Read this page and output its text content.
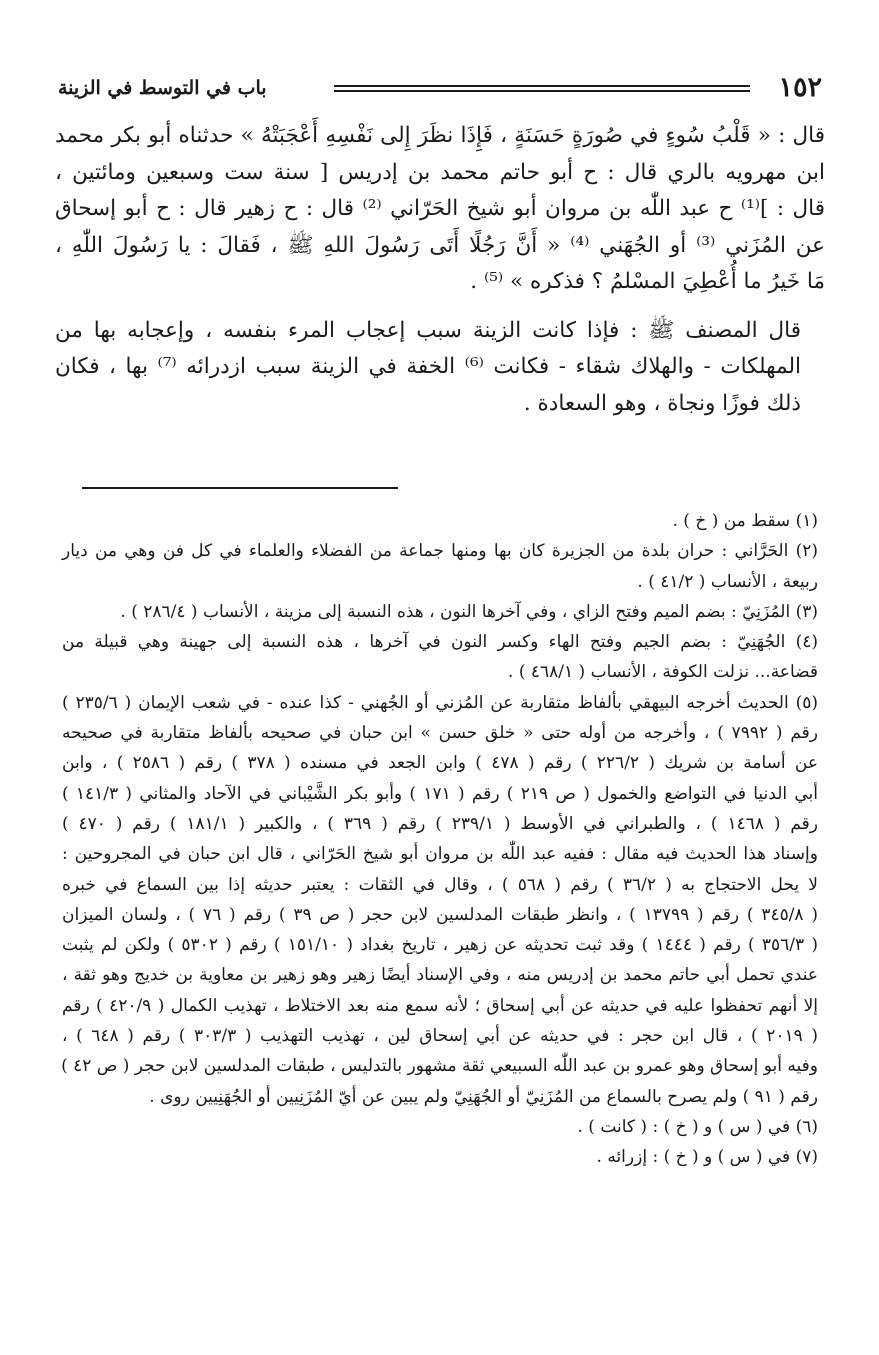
١٥٢
باب في التوسط في الزينة

قال : « قَلْبُ سُوءٍ في صُورَةٍ حَسَنَةٍ ، فَإِذَا نظَرَ إِلى نَفْسِهِ أَعْجَبَتْهُ » حدثناه أبو بكر محمد
ابن مهرويه بالري قال : ح أبو حاتم محمد بن إدريس [ سنة ست وسبعين ومائتين ،
قال : ]⁽¹⁾ ح عبد اللّٰه بن مروان أبو شيخ الحَرّاني ⁽²⁾ قال : ح زهير قال : ح أبو إسحاق
عن المُزَني ⁽³⁾ أو الجُهَني ⁽⁴⁾ « أَنَّ رَجُلًا أَتَى رَسُولَ اللهِ ﷺ ، فَقالَ : يا رَسُولَ اللّٰهِ ،
مَا خَيرُ ما أُعْطِيَ المسْلمُ ؟ فذكره » ⁽⁵⁾ .

قال المصنف ﷺ : فإذا كانت الزينة سبب إعجاب المرء بنفسه ، وإعجابه بها من
المهلكات - والهلاك شقاء - فكانت ⁽⁶⁾ الخفة في الزينة سبب ازدرائه ⁽⁷⁾ بها ، فكان
ذلك فوزًا ونجاة ، وهو السعادة .

(١) سقط من ( خ ) .

(٢) الحَرَّاني : حران بلدة من الجزيرة كان بها ومنها جماعة من الفضلاء والعلماء في كل فن وهي من ديار
ربيعة ، الأنساب ( ٤١/٢ ) .

(٣) المُزَنِيّ : بضم الميم وفتح الزاي ، وفي آخرها النون ، هذه النسبة إلى مزينة ، الأنساب ( ٢٨٦/٤ ) .

(٤) الجُهَنِيّ : بضم الجيم وفتح الهاء وكسر النون في آخرها ، هذه النسبة إلى جهينة وهي قبيلة من
قضاعة... نزلت الكوفة ، الأنساب ( ٤٦٨/١ ) .

(٥) الحديث أخرجه البيهقي بألفاظ متقاربة عن المُزني أو الجُهني - كذا عنده - في شعب الإيمان ( ٢٣٥/٦ )
رقم ( ٧٩٩٢ ) ، وأخرجه من أوله حتى « خلق حسن » ابن حبان في صحيحه بألفاظ متقاربة في صحيحه
عن أسامة بن شريك ( ٢٢٦/٢ ) رقم ( ٤٧٨ ) وابن الجعد في مسنده ( ٣٧٨ ) رقم ( ٢٥٨٦ ) ، وابن
أبي الدنيا في التواضع والخمول ( ص ٢١٩ ) رقم ( ١٧١ ) وأبو بكر الشَّيْباني في الآحاد والمثاني ( ١٤١/٣ )
رقم ( ١٤٦٨ ) ، والطبراني في الأوسط ( ٢٣٩/١ ) رقم ( ٣٦٩ ) ، والكبير ( ١٨١/١ ) رقم ( ٤٧٠ )
وإسناد هذا الحديث فيه مقال : ففيه عبد اللّٰه بن مروان أبو شيخ الحَرّاني ، قال ابن حبان في المجروحين :
لا يحل الاحتجاج به ( ٣٦/٢ ) رقم ( ٥٦٨ ) ، وقال في الثقات : يعتبر حديثه إذا بين السماع في خبره
( ٣٤٥/٨ ) رقم ( ١٣٧٩٩ ) ، وانظر طبقات المدلسين لابن حجر ( ص ٣٩ ) رقم ( ٧٦ ) ، ولسان الميزان
( ٣٥٦/٣ ) رقم ( ١٤٤٤ ) وقد ثبت تحديثه عن زهير ، تاريخ بغداد ( ١٥١/١٠ ) رقم ( ٥٣٠٢ ) ولكن لم يثبت
عندي تحمل أبي حاتم محمد بن إدريس منه ، وفي الإسناد أيضًا زهير وهو زهير بن معاوية بن خديج وهو ثقة ،
إلا أنهم تحفظوا عليه في حديثه عن أبي إسحاق ؛ لأنه سمع منه بعد الاختلاط ، تهذيب الكمال ( ٤٢٠/٩ ) رقم
( ٢٠١٩ ) ، قال ابن حجر : في حديثه عن أبي إسحاق لين ، تهذيب التهذيب ( ٣٠٣/٣ ) رقم ( ٦٤٨ ) ،
وفيه أبو إسحاق وهو عمرو بن عبد اللّٰه السبيعي ثقة مشهور بالتدليس ، طبقات المدلسين لابن حجر ( ص ٤٢ )
رقم ( ٩١ ) ولم يصرح بالسماع من المُزَنِيّ أو الجُهَنِيّ ولم يبين عن أيّ المُزَنِيين أو الجُهَنِيين روى .

(٦) في ( س ) و ( خ ) : ( كانت ) .

(٧) في ( س ) و ( خ ) : إزرائه .
